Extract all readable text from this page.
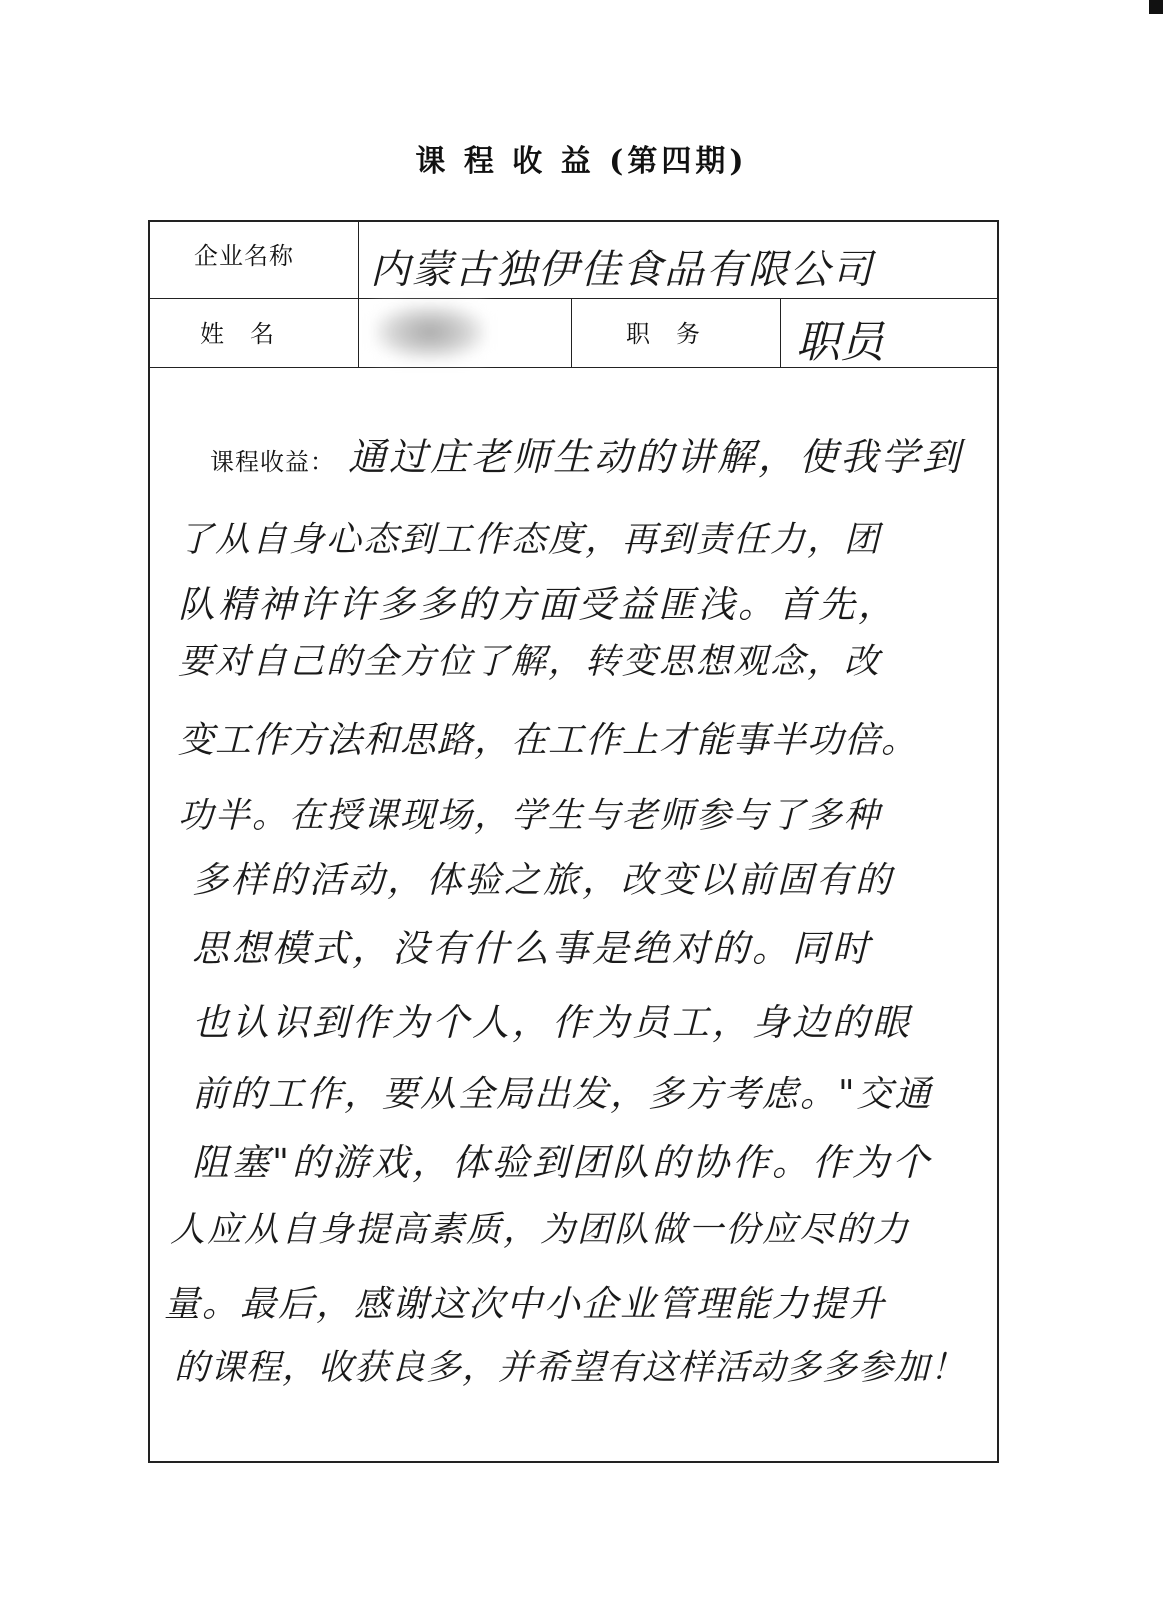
课 程 收 益 (第四期)
企业名称 内蒙古独伊佳食品有限公司
姓　名	职　务 职员
课程收益： 通过庄老师生动的讲解，使我学到
了从自身心态到工作态度，再到责任力，团
队精神许许多多的方面受益匪浅。首先，
要对自己的全方位了解，转变思想观念，改
变工作方法和思路，在工作上才能事半功倍。
功半。在授课现场，学生与老师参与了多种
多样的活动，体验之旅，改变以前固有的
思想模式，没有什么事是绝对的。同时
也认识到作为个人，作为员工，身边的眼
前的工作，要从全局出发，多方考虑。"交通
阻塞"的游戏，体验到团队的协作。作为个
人应从自身提高素质，为团队做一份应尽的力
量。最后，感谢这次中小企业管理能力提升
的课程，收获良多，并希望有这样活动多多参加！
